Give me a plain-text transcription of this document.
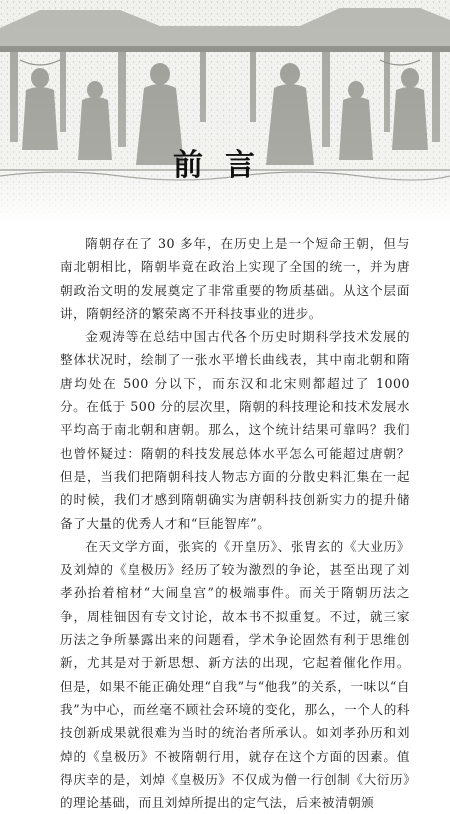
前言

隋朝存在了 30 多年，在历史上是一个短命王朝，但与南北朝相比，隋朝毕竟在政治上实现了全国的统一，并为唐朝政治文明的发展奠定了非常重要的物质基础。从这个层面讲，隋朝经济的繁荣离不开科技事业的进步。

金观涛等在总结中国古代各个历史时期科学技术发展的整体状况时，绘制了一张水平增长曲线表，其中南北朝和隋唐均处在 500 分以下，而东汉和北宋则都超过了 1000 分。在低于 500 分的层次里，隋朝的科技理论和技术发展水平均高于南北朝和唐朝。那么，这个统计结果可靠吗？我们也曾怀疑过：隋朝的科技发展总体水平怎么可能超过唐朝？但是，当我们把隋朝科技人物志方面的分散史料汇集在一起的时候，我们才感到隋朝确实为唐朝科技创新实力的提升储备了大量的优秀人才和“巨能智库”。

在天文学方面，张宾的《开皇历》、张胄玄的《大业历》及刘焯的《皇极历》经历了较为激烈的争论，甚至出现了刘孝孙抬着棺材“大闹皇宫”的极端事件。而关于隋朝历法之争，周桂钿因有专文讨论，故本书不拟重复。不过，就三家历法之争所暴露出来的问题看，学术争论固然有利于思维创新，尤其是对于新思想、新方法的出现，它起着催化作用。但是，如果不能正确处理“自我”与“他我”的关系，一味以“自我”为中心，而丝毫不顾社会环境的变化，那么，一个人的科技创新成果就很难为当时的统治者所承认。如刘孝孙历和刘焯的《皇极历》不被隋朝行用，就存在这个方面的因素。值得庆幸的是，刘焯《皇极历》不仅成为僧一行创制《大衍历》的理论基础，而且刘焯所提出的定气法，后来被清朝颁
